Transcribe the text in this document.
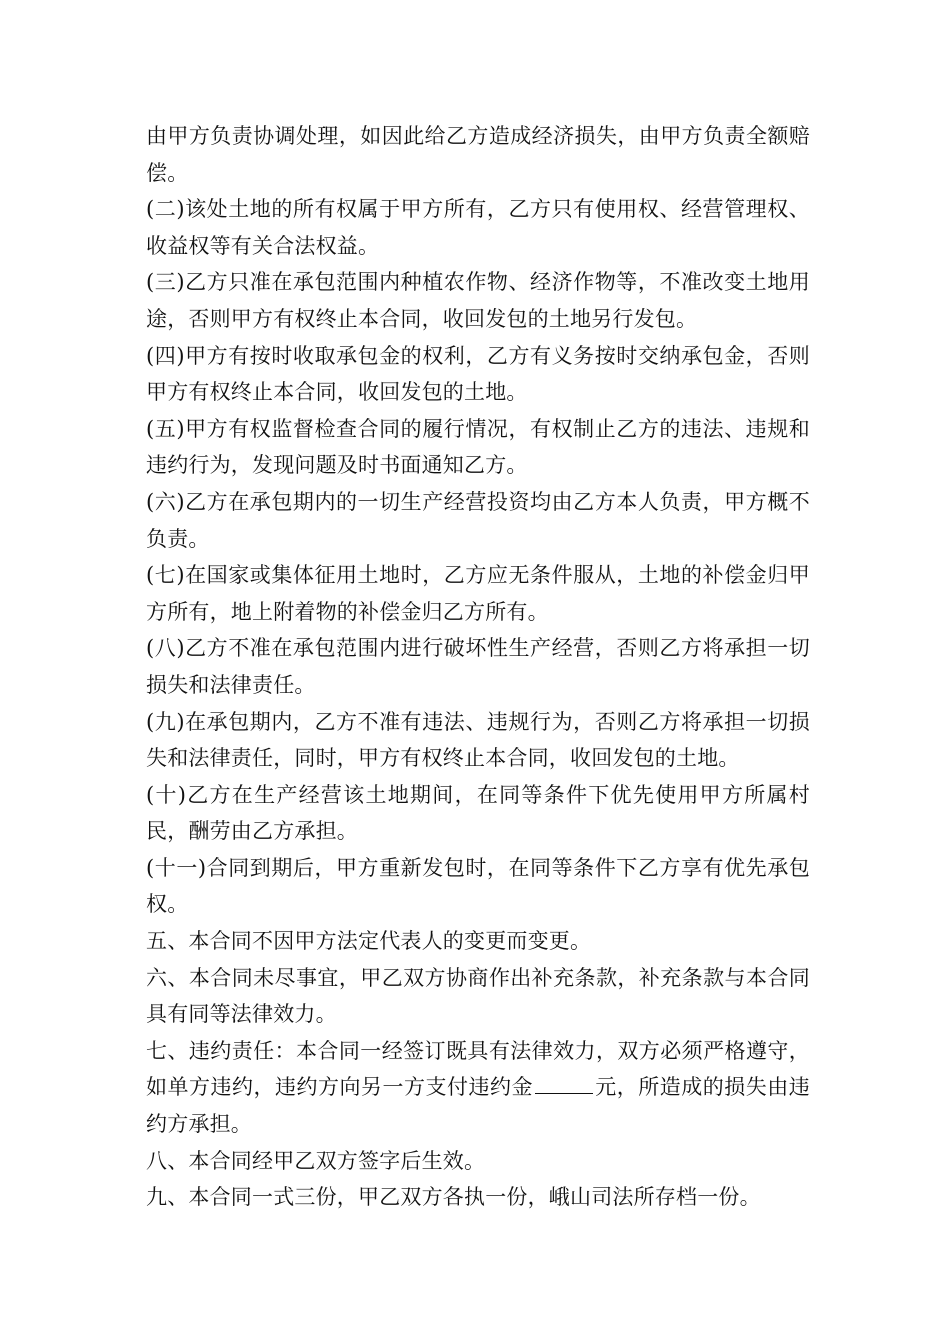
由甲方负责协调处理，如因此给乙方造成经济损失，由甲方负责全额赔偿。

(二)该处土地的所有权属于甲方所有，乙方只有使用权、经营管理权、收益权等有关合法权益。

(三)乙方只准在承包范围内种植农作物、经济作物等，不准改变土地用途，否则甲方有权终止本合同，收回发包的土地另行发包。

(四)甲方有按时收取承包金的权利，乙方有义务按时交纳承包金，否则甲方有权终止本合同，收回发包的土地。

(五)甲方有权监督检查合同的履行情况，有权制止乙方的违法、违规和违约行为，发现问题及时书面通知乙方。

(六)乙方在承包期内的一切生产经营投资均由乙方本人负责，甲方概不负责。

(七)在国家或集体征用土地时，乙方应无条件服从，土地的补偿金归甲方所有，地上附着物的补偿金归乙方所有。

(八)乙方不准在承包范围内进行破坏性生产经营，否则乙方将承担一切损失和法律责任。

(九)在承包期内，乙方不准有违法、违规行为，否则乙方将承担一切损失和法律责任，同时，甲方有权终止本合同，收回发包的土地。

(十)乙方在生产经营该土地期间，在同等条件下优先使用甲方所属村民，酬劳由乙方承担。

(十一)合同到期后，甲方重新发包时，在同等条件下乙方享有优先承包权。

五、本合同不因甲方法定代表人的变更而变更。

六、本合同未尽事宜，甲乙双方协商作出补充条款，补充条款与本合同具有同等法律效力。

七、违约责任：本合同一经签订既具有法律效力，双方必须严格遵守，如单方违约，违约方向另一方支付违约金	元，所造成的损失由违约方承担。

八、本合同经甲乙双方签字后生效。

九、本合同一式三份，甲乙双方各执一份，峨山司法所存档一份。
